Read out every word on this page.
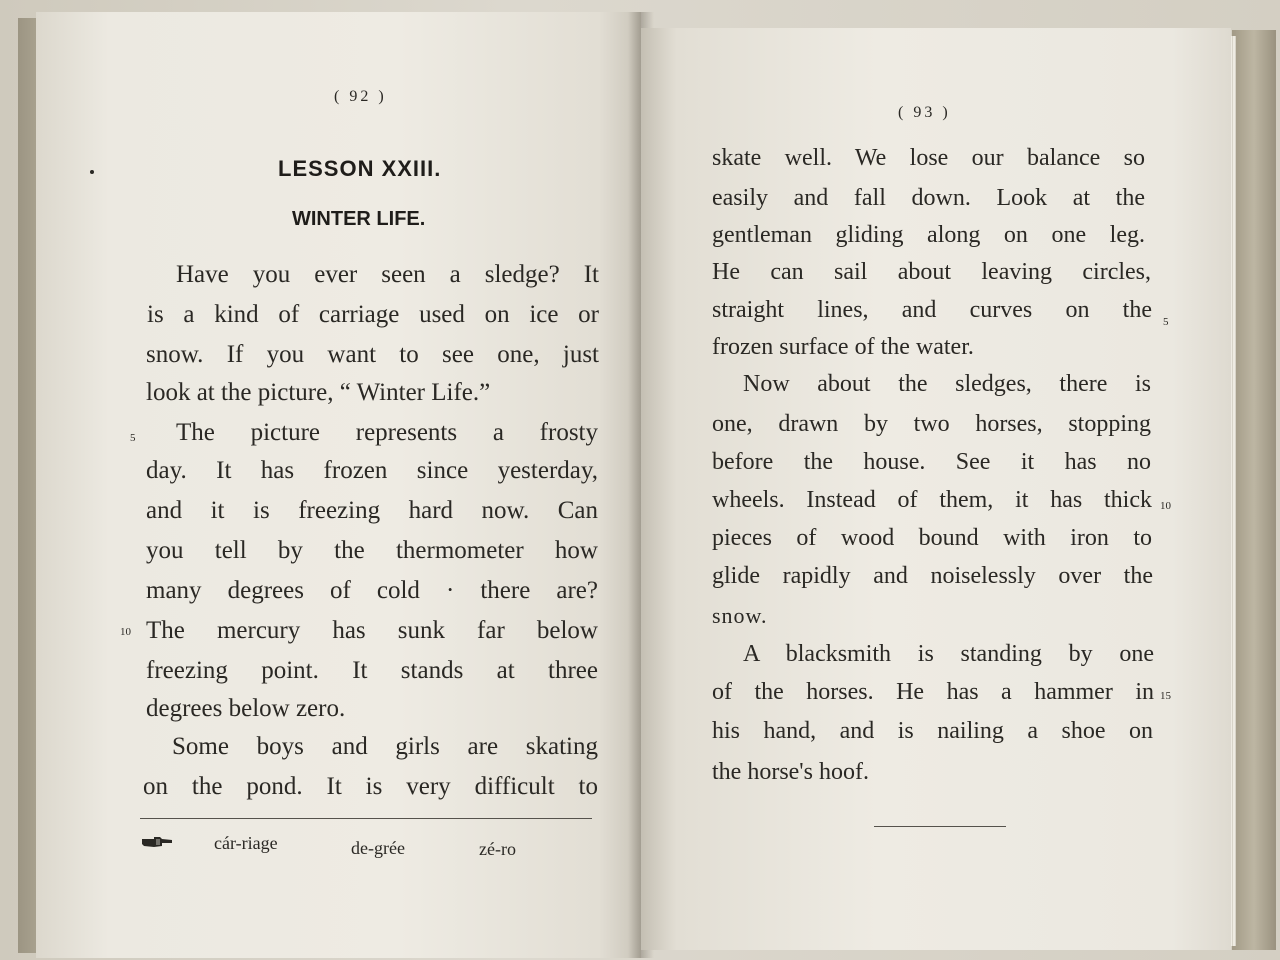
( 92 )
LESSON XXIII.
WINTER LIFE.
Have you ever seen a sledge? It
is a kind of carriage used on ice or
snow. If you want to see one, just
look at the picture, “ Winter Life.”
The picture represents a frosty
day. It has frozen since yesterday,
and it is freezing hard now. Can
you tell by the thermometer how
many degrees of cold · there are?
The mercury has sunk far below
freezing point. It stands at three
degrees below zero.
Some boys and girls are skating
on the pond. It is very difficult to
5
10
cár-riage	de-grée	zé-ro
( 93 )
skate well. We lose our balance so
easily and fall down. Look at the
gentleman gliding along on one leg.
He can sail about leaving circles,
straight lines, and curves on the
frozen surface of the water.
Now about the sledges, there is
one, drawn by two horses, stopping
before the house. See it has no
wheels. Instead of them, it has thick
pieces of wood bound with iron to
glide rapidly and noiselessly over the
snow.
A blacksmith is standing by one
of the horses. He has a hammer in
his hand, and is nailing a shoe on
the horse's hoof.
5
10
15
